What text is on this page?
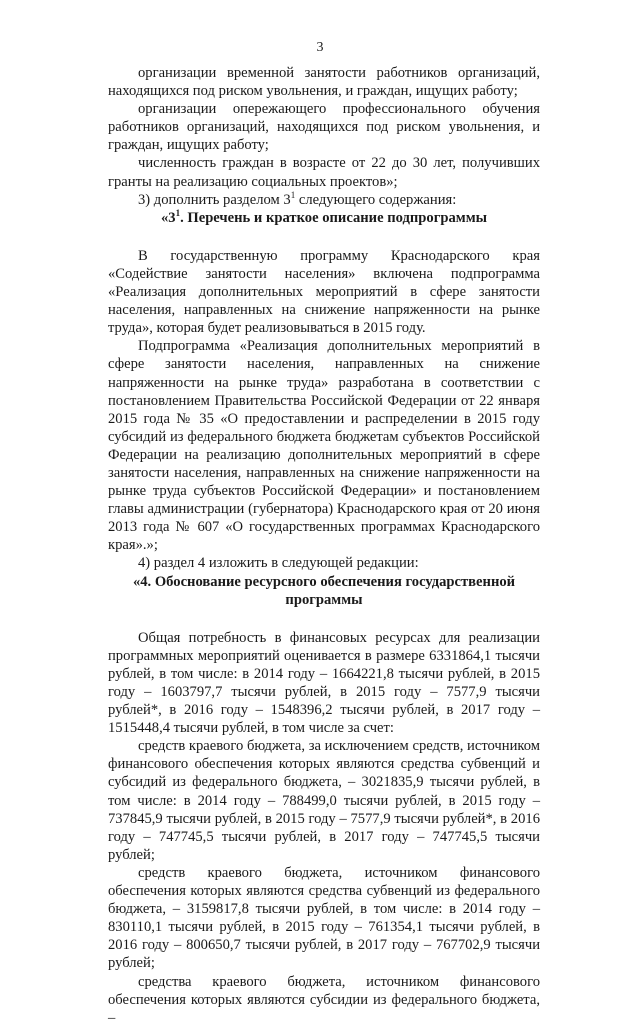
3

организации временной занятости работников организаций, находящихся под риском увольнения, и граждан, ищущих работу;

организации опережающего профессионального обучения работников организаций, находящихся под риском увольнения, и граждан, ищущих работу;

численность граждан в возрасте от 22 до 30 лет, получивших гранты на реализацию социальных проектов»;

3) дополнить разделом $3^1$ следующего содержания:

«$3^1$. Перечень и краткое описание подпрограммы

В государственную программу Краснодарского края «Содействие занятости населения» включена подпрограмма «Реализация дополнительных мероприятий в сфере занятости населения, направленных на снижение напряженности на рынке труда», которая будет реализовываться в 2015 году.

Подпрограмма «Реализация дополнительных мероприятий в сфере занятости населения, направленных на снижение напряженности на рынке труда» разработана в соответствии с постановлением Правительства Российской Федерации от 22 января 2015 года № 35 «О предоставлении и распределении в 2015 году субсидий из федерального бюджета бюджетам субъектов Российской Федерации на реализацию дополнительных мероприятий в сфере занятости населения, направленных на снижение напряженности на рынке труда субъектов Российской Федерации» и постановлением главы администрации (губернатора) Краснодарского края от 20 июня 2013 года № 607 «О государственных программах Краснодарского края».»;

4) раздел 4 изложить в следующей редакции:

«4. Обоснование ресурсного обеспечения государственной программы

Общая потребность в финансовых ресурсах для реализации программных мероприятий оценивается в размере 6331864,1 тысячи рублей, в том числе: в 2014 году – 1664221,8 тысячи рублей, в 2015 году – 1603797,7 тысячи рублей, в 2015 году – 7577,9 тысячи рублей*, в 2016 году – 1548396,2 тысячи рублей, в 2017 году – 1515448,4 тысячи рублей, в том числе за счет:

средств краевого бюджета, за исключением средств, источником финансового обеспечения которых являются средства субвенций и субсидий из федерального бюджета, – 3021835,9 тысячи рублей, в том числе: в 2014 году – 788499,0 тысячи рублей, в 2015 году – 737845,9 тысячи рублей, в 2015 году – 7577,9 тысячи рублей*, в 2016 году – 747745,5 тысячи рублей, в 2017 году – 747745,5 тысячи рублей;

средств краевого бюджета, источником финансового обеспечения которых являются средства субвенций из федерального бюджета, – 3159817,8 тысячи рублей, в том числе: в 2014 году – 830110,1 тысячи рублей, в 2015 году – 761354,1 тысячи рублей, в 2016 году – 800650,7 тысячи рублей, в 2017 году – 767702,9 тысячи рублей;

средства краевого бюджета, источником финансового обеспечения которых являются субсидии из федерального бюджета, –
